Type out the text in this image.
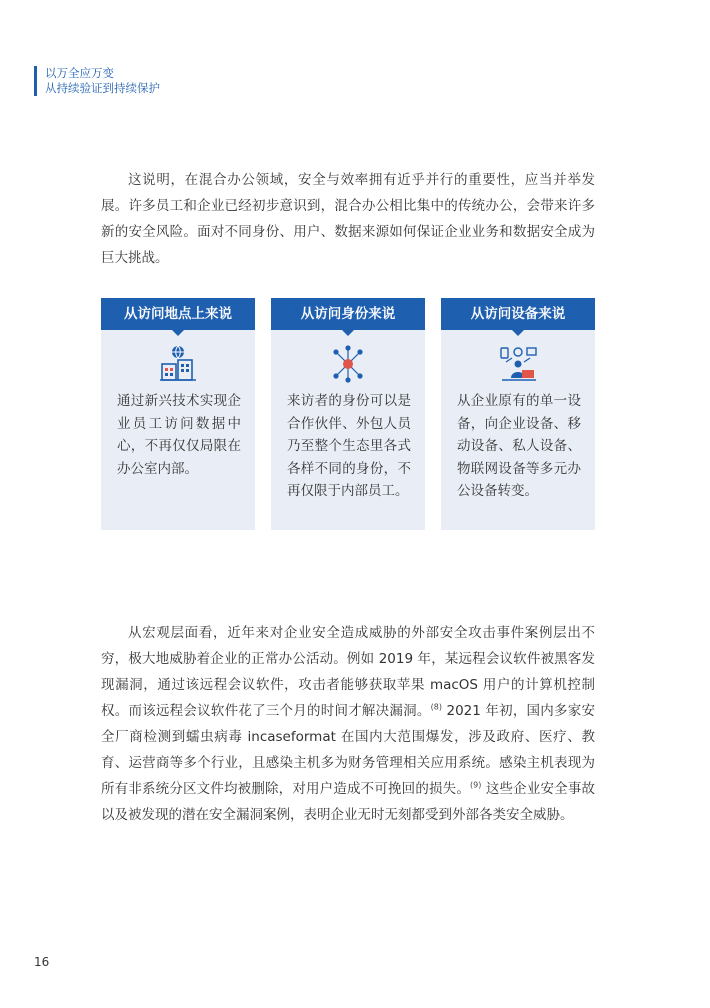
以万全应万变
从持续验证到持续保护

这说明，在混合办公领域，安全与效率拥有近乎并行的重要性，应当并举发展。许多员工和企业已经初步意识到，混合办公相比集中的传统办公，会带来许多新的安全风险。面对不同身份、用户、数据来源如何保证企业业务和数据安全成为巨大挑战。

从访问地点上来说

通过新兴技术实现企业员工访问数据中心，不再仅仅局限在办公室内部。

从访问身份来说

来访者的身份可以是合作伙伴、外包人员乃至整个生态里各式各样不同的身份，不再仅限于内部员工。

从访问设备来说

从企业原有的单一设备，向企业设备、移动设备、私人设备、物联网设备等多元办公设备转变。

从宏观层面看，近年来对企业安全造成威胁的外部安全攻击事件案例层出不穷，极大地威胁着企业的正常办公活动。例如 2019 年，某远程会议软件被黑客发现漏洞，通过该远程会议软件，攻击者能够获取苹果 macOS 用户的计算机控制权。而该远程会议软件花了三个月的时间才解决漏洞。$^{(8)}$ 2021 年初，国内多家安全厂商检测到蠕虫病毒 incaseformat 在国内大范围爆发，涉及政府、医疗、教育、运营商等多个行业，且感染主机多为财务管理相关应用系统。感染主机表现为所有非系统分区文件均被删除，对用户造成不可挽回的损失。$^{(9)}$ 这些企业安全事故以及被发现的潜在安全漏洞案例，表明企业无时无刻都受到外部各类安全威胁。

16
